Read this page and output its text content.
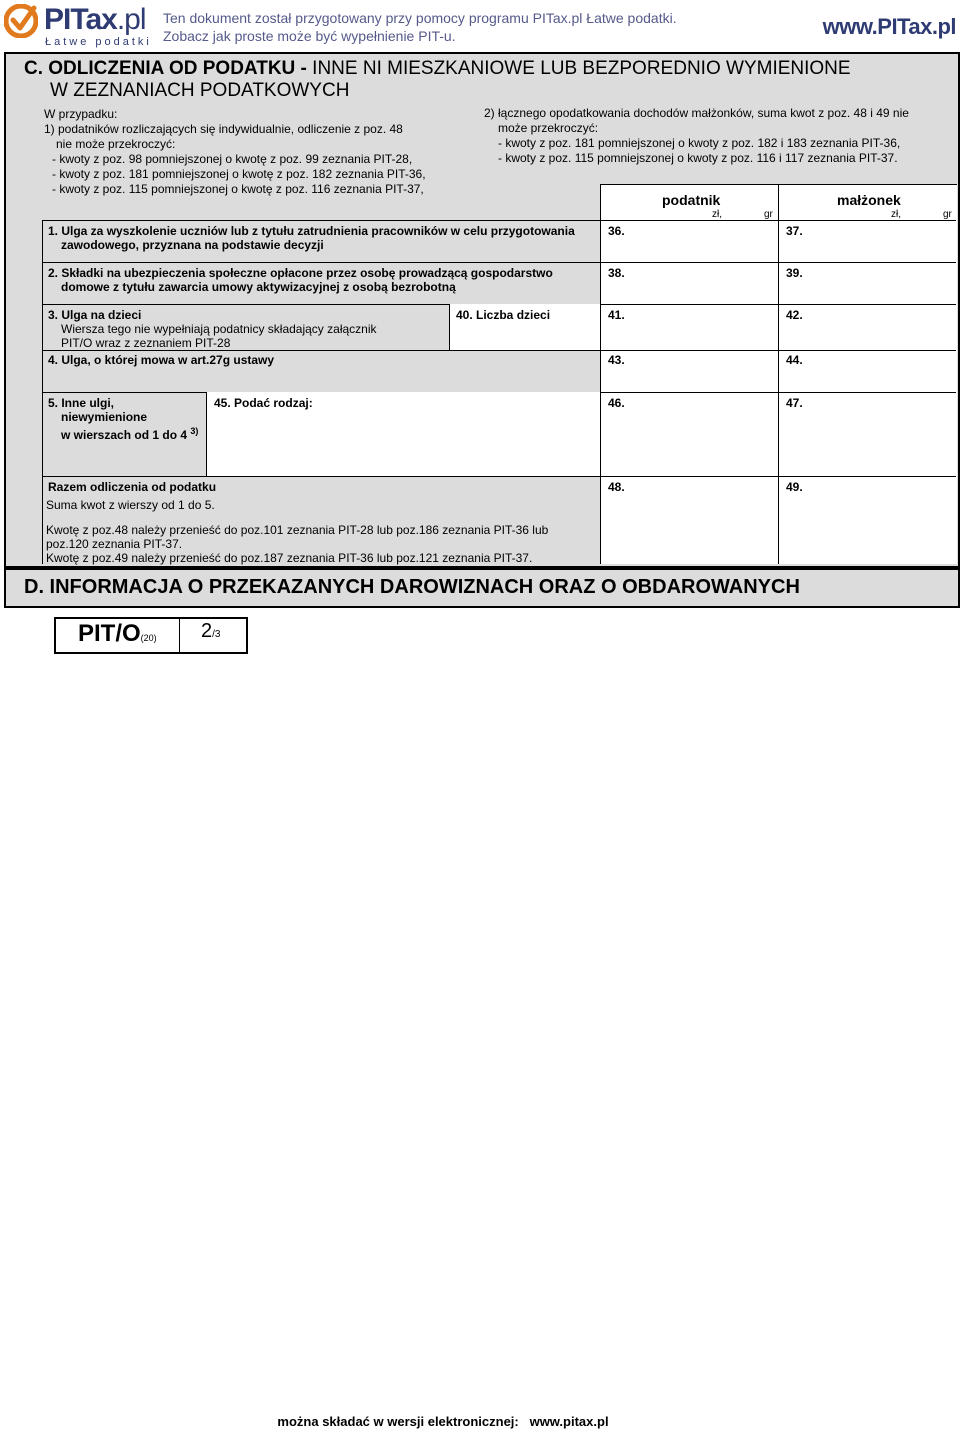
PITax.pl
Łatwe podatki
Ten dokument został przygotowany przy pomocy programu PITax.pl Łatwe podatki.
Zobacz jak proste może być wypełnienie PIT-u.	www.PITax.pl
C. ODLICZENIA OD PODATKU - INNE NI MIESZKANIOWE LUB BEZPOREDNIO WYMIENIONE
W ZEZNANIACH PODATKOWYCH
W przypadku:
1) podatników rozliczających się indywidualnie, odliczenie z poz. 48
nie może przekroczyć:
- kwoty z poz. 98 pomniejszonej o kwotę z poz. 99 zeznania PIT-28,
- kwoty z poz. 181 pomniejszonej o kwotę z poz. 182 zeznania PIT-36,
- kwoty z poz. 115 pomniejszonej o kwotę z poz. 116 zeznania PIT-37,
2) łącznego opodatkowania dochodów małżonków, suma kwot z poz. 48 i 49 nie
może przekroczyć:
- kwoty z poz. 181 pomniejszonej o kwoty z poz. 182 i 183 zeznania PIT-36,
- kwoty z poz. 115 pomniejszonej o kwoty z poz. 116 i 117 zeznania PIT-37.
podatnik	małżonek
zł,	gr	zł,	gr
1. Ulga za wyszkolenie uczniów lub z tytułu zatrudnienia pracowników w celu przygotowania
zawodowego, przyznana na podstawie decyzji
36.	37.
2. Składki na ubezpieczenia społeczne opłacone przez osobę prowadzącą gospodarstwo
domowe z tytułu zawarcia umowy aktywizacyjnej z osobą bezrobotną
38.	39.
3. Ulga na dzieci
Wiersza tego nie wypełniają podatnicy składający załącznik
PIT/O wraz z zeznaniem PIT-28
40. Liczba dzieci	41.	42.
4. Ulga, o której mowa w art.27g ustawy	43.	44.
5. Inne ulgi,
niewymienione
w wierszach od 1 do 4 $^{3)}$
45. Podać rodzaj:	46.	47.
Razem odliczenia od podatku
Suma kwot z wierszy od 1 do 5.
Kwotę z poz.48 należy przenieść do poz.101 zeznania PIT-28 lub poz.186 zeznania PIT-36 lub
poz.120 zeznania PIT-37.
Kwotę z poz.49 należy przenieść do poz.187 zeznania PIT-36 lub poz.121 zeznania PIT-37.
48.	49.
D. INFORMACJA O PRZEKAZANYCH DAROWIZNACH ORAZ O OBDAROWANYCH
PIT/O(20) 2/3
można składać w wersji elektronicznej: www.pitax.pl
